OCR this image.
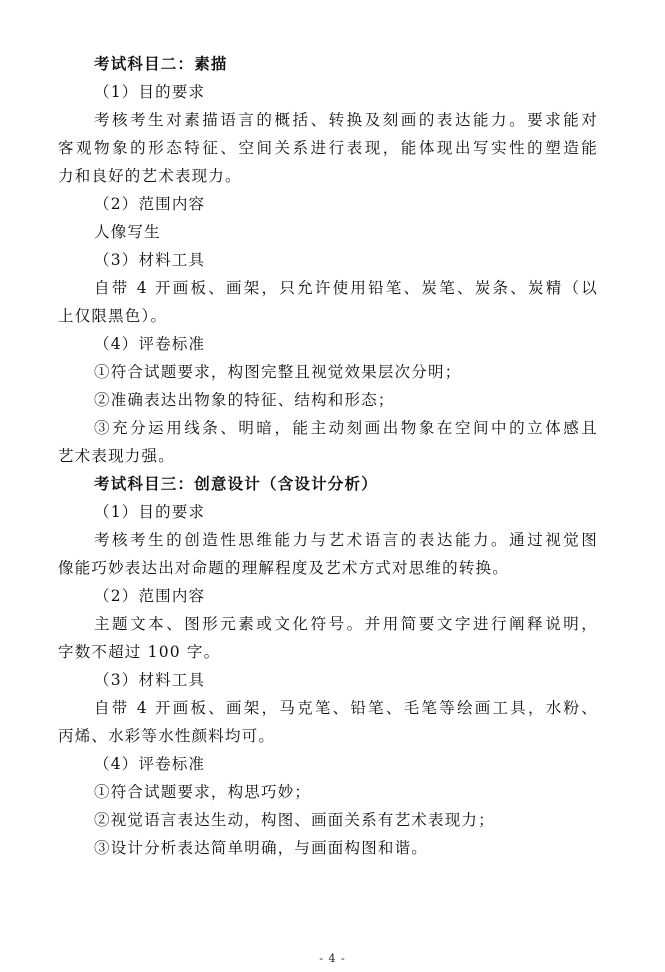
考试科目二：素描
（1）目的要求
考核考生对素描语言的概括、转换及刻画的表达能力。要求能对
客观物象的形态特征、空间关系进行表现，能体现出写实性的塑造能
力和良好的艺术表现力。
（2）范围内容
人像写生
（3）材料工具
自带 4 开画板、画架，只允许使用铅笔、炭笔、炭条、炭精（以
上仅限黑色）。
（4）评卷标准
①符合试题要求，构图完整且视觉效果层次分明；
②准确表达出物象的特征、结构和形态；
③充分运用线条、明暗，能主动刻画出物象在空间中的立体感且
艺术表现力强。
考试科目三：创意设计（含设计分析）
（1）目的要求
考核考生的创造性思维能力与艺术语言的表达能力。通过视觉图
像能巧妙表达出对命题的理解程度及艺术方式对思维的转换。
（2）范围内容
主题文本、图形元素或文化符号。并用简要文字进行阐释说明，
字数不超过 100 字。
（3）材料工具
自带 4 开画板、画架，马克笔、铅笔、毛笔等绘画工具，水粉、
丙烯、水彩等水性颜料均可。
（4）评卷标准
①符合试题要求，构思巧妙；
②视觉语言表达生动，构图、画面关系有艺术表现力；
③设计分析表达简单明确，与画面构图和谐。
- 4 -
